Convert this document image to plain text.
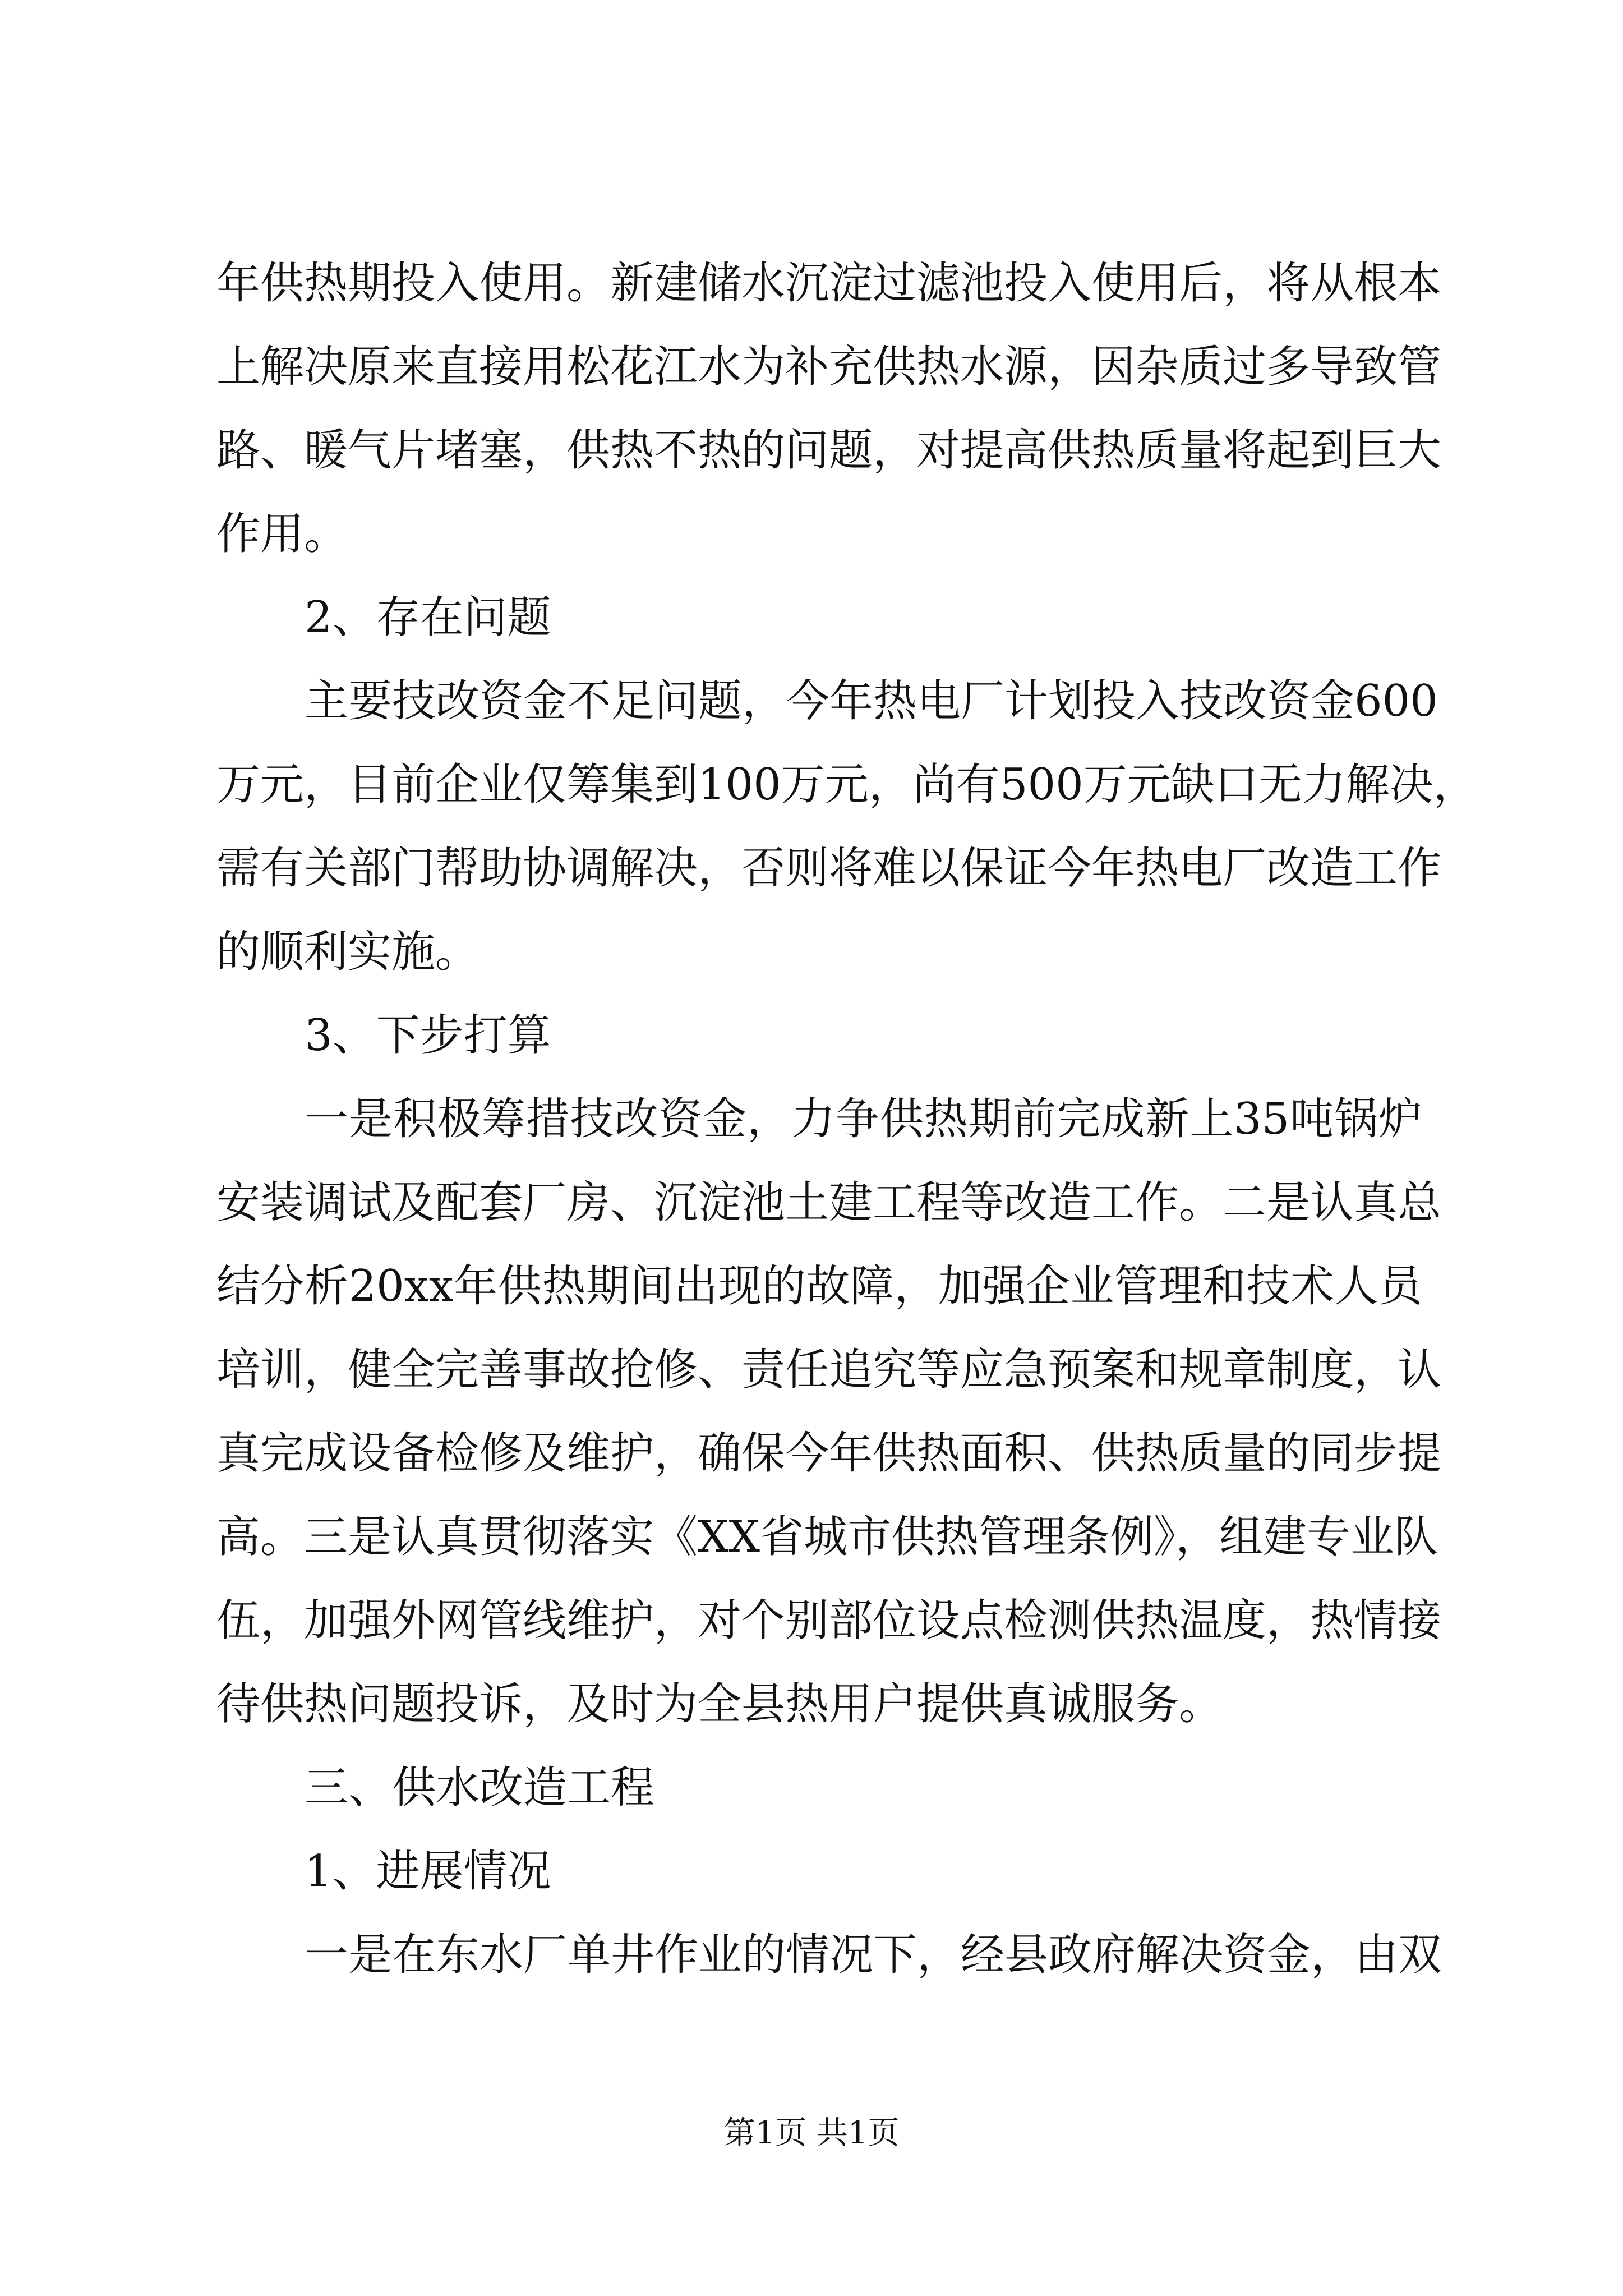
年供热期投入使用。新建储水沉淀过滤池投入使用后，将从根本
上解决原来直接用松花江水为补充供热水源，因杂质过多导致管
路、暖气片堵塞，供热不热的问题，对提高供热质量将起到巨大
作用。
2、存在问题
主要技改资金不足问题，今年热电厂计划投入技改资金600
万元，目前企业仅筹集到100万元，尚有500万元缺口无力解决，
需有关部门帮助协调解决，否则将难以保证今年热电厂改造工作
的顺利实施。
3、下步打算
一是积极筹措技改资金，力争供热期前完成新上35吨锅炉
安装调试及配套厂房、沉淀池土建工程等改造工作。二是认真总
结分析20xx年供热期间出现的故障，加强企业管理和技术人员
培训，健全完善事故抢修、责任追究等应急预案和规章制度，认
真完成设备检修及维护，确保今年供热面积、供热质量的同步提
高。三是认真贯彻落实《XX省城市供热管理条例》，组建专业队
伍，加强外网管线维护，对个别部位设点检测供热温度，热情接
待供热问题投诉，及时为全县热用户提供真诚服务。
三、供水改造工程
1、进展情况
一是在东水厂单井作业的情况下，经县政府解决资金，由双
第1页 共1页
